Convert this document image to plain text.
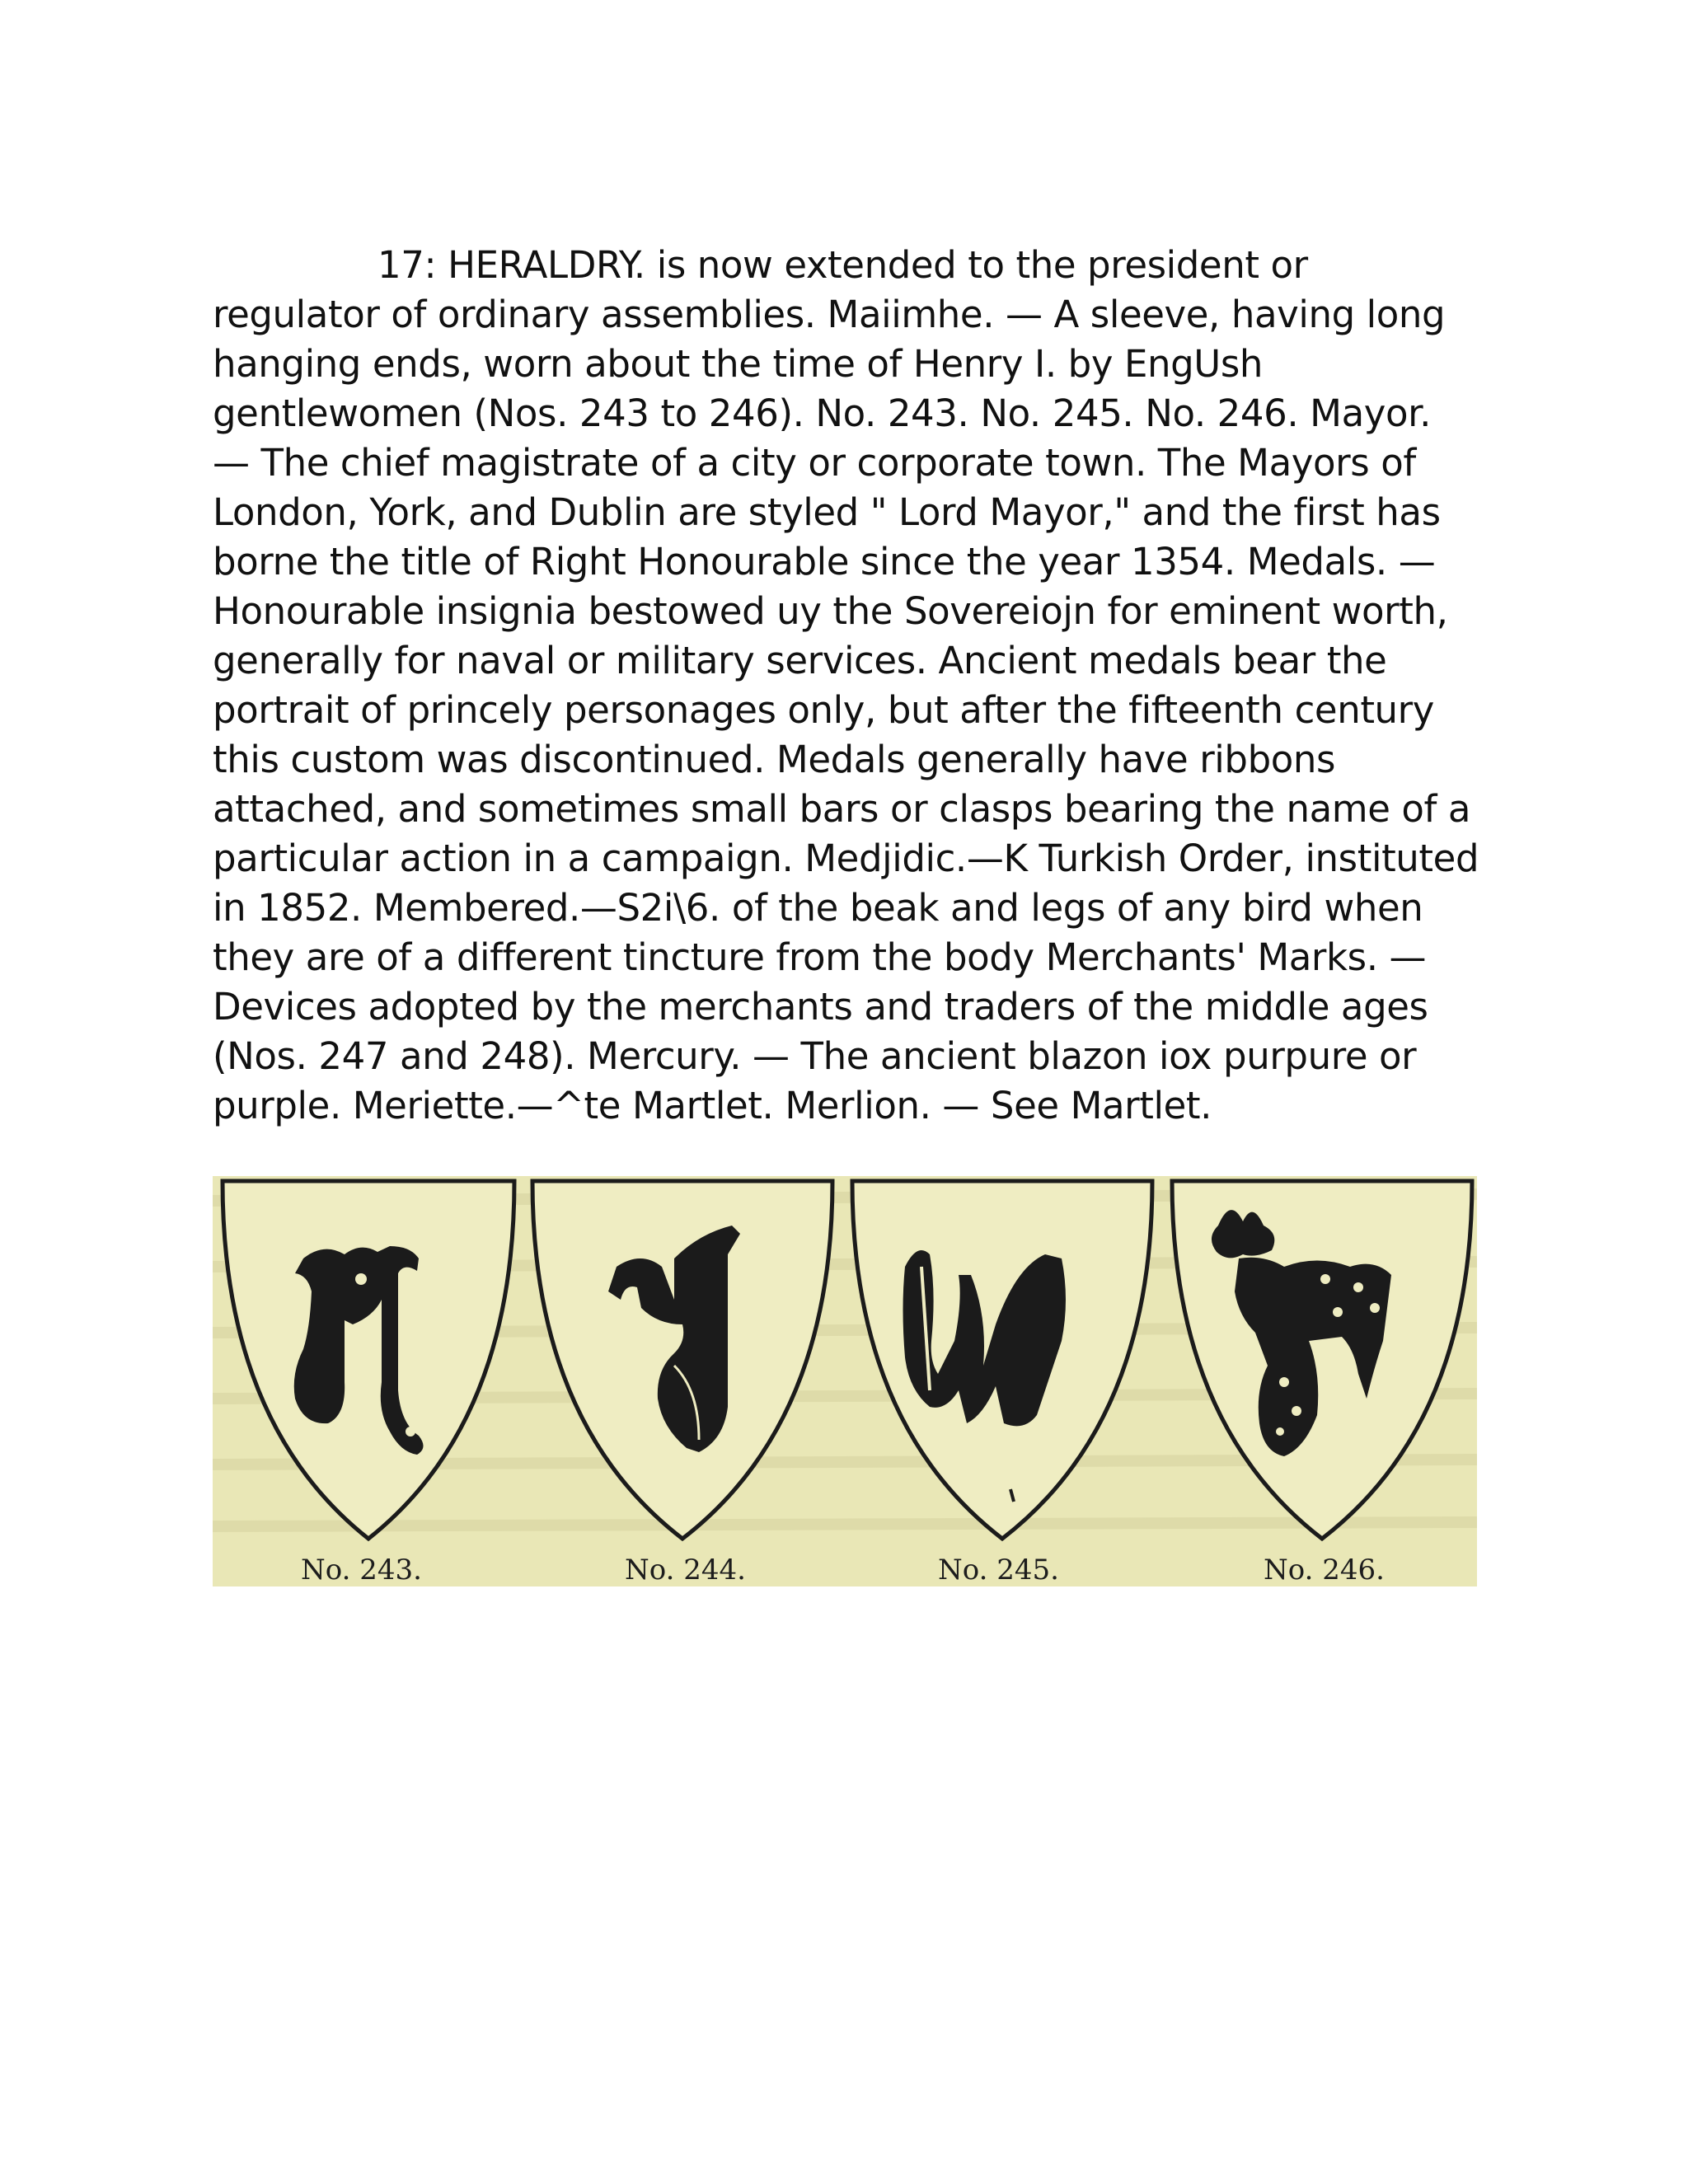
17: HERALDRY. is now extended to the president or
regulator of ordinary assemblies. Maiimhe. — A sleeve, having long
hanging ends, worn about the time of Henry I. by EngUsh
gentlewomen (Nos. 243 to 246). No. 243. No. 245. No. 246. Mayor.
— The chief magistrate of a city or corporate town. The Mayors of
London, York, and Dublin are styled " Lord Mayor," and the first has
borne the title of Right Honourable since the year 1354. Medals. —
Honourable insignia bestowed uy the Sovereiojn for eminent worth,
generally for naval or military services. Ancient medals bear the
portrait of princely personages only, but after the fifteenth century
this custom was discontinued. Medals generally have ribbons
attached, and sometimes small bars or clasps bearing the name of a
particular action in a campaign. Medjidic.—K Turkish Order, instituted
in 1852. Membered.—S2i\6. of the beak and legs of any bird when
they are of a different tincture from the body Merchants' Marks. —
Devices adopted by the merchants and traders of the middle ages
(Nos. 247 and 248). Mercury. — The ancient blazon iox purpure or
purple. Meriette.—^te Martlet. Merlion. — See Martlet.
No. 243.	No. 244.	No. 245.	No. 246.
